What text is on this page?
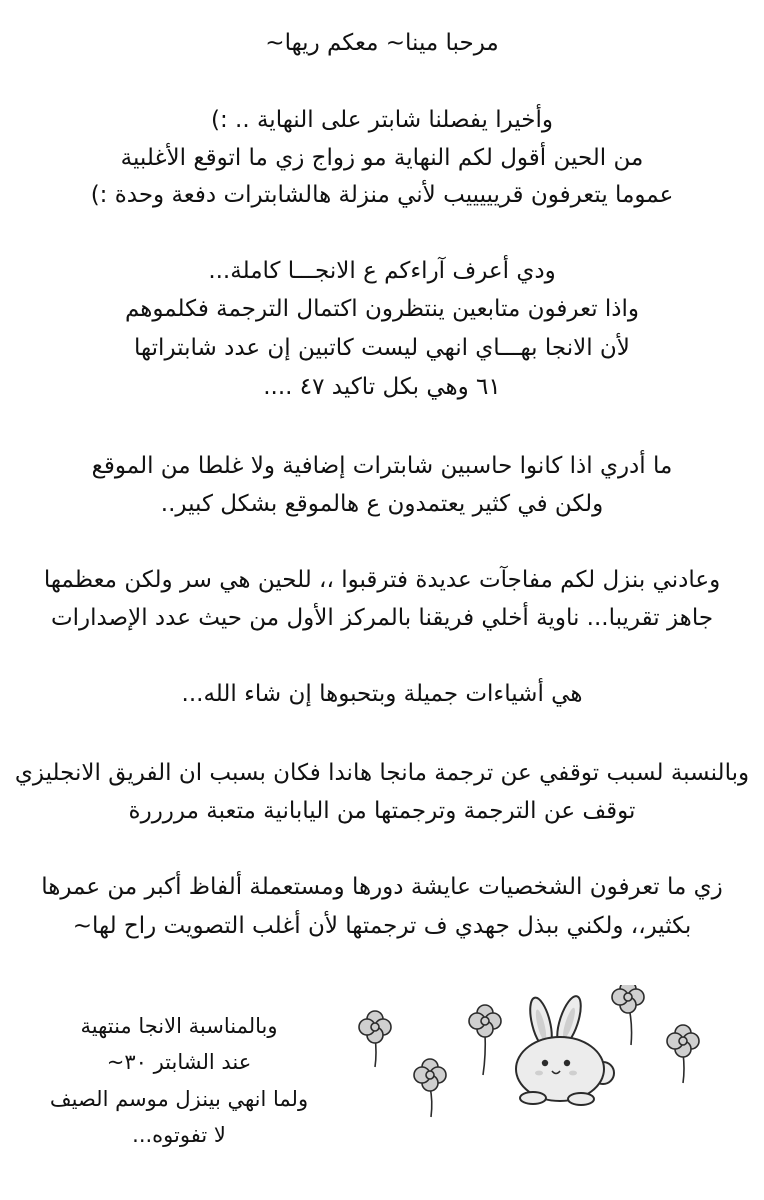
مرحبا مينا~ معكم ريها~
وأخيرا يفصلنا شابتر على النهاية .. :)
من الحين أقول لكم النهاية مو زواج زي ما اتوقع الأغلبية
عموما يتعرفون قريييييب لأني منزلة هالشابترات دفعة وحدة :)
ودي أعرف آراءكم ع الانجـــا كاملة...
واذا تعرفون متابعين ينتظرون اكتمال الترجمة فكلموهم
لأن الانجا بهـــاي انهي ليست كاتبين إن عدد شابتراتها
٦١ وهي بكل تاكيد ٤٧ ....
ما أدري اذا كانوا حاسبين شابترات إضافية ولا غلطا من الموقع
ولكن في كثير يعتمدون ع هالموقع بشكل كبير..
وعادني بنزل لكم مفاجآت عديدة فترقبوا ،، للحين هي سر ولكن معظمها
جاهز تقريبا... ناوية أخلي فريقنا بالمركز الأول من حيث عدد الإصدارات
هي أشياءات جميلة وبتحبوها إن شاء الله...
وبالنسبة لسبب توقفي عن ترجمة مانجا هاندا فكان بسبب ان الفريق الانجليزي
توقف عن الترجمة وترجمتها من اليابانية متعبة مررررة
زي ما تعرفون الشخصيات عايشة دورها ومستعملة ألفاظ أكبر من عمرها
بكثير،، ولكني ببذل جهدي ف ترجمتها لأن أغلب التصويت راح لها~
وبالمناسبة الانجا منتهية
عند الشابتر ٣٠~
ولما انهي بينزل موسم الصيف
لا تفوتوه...
